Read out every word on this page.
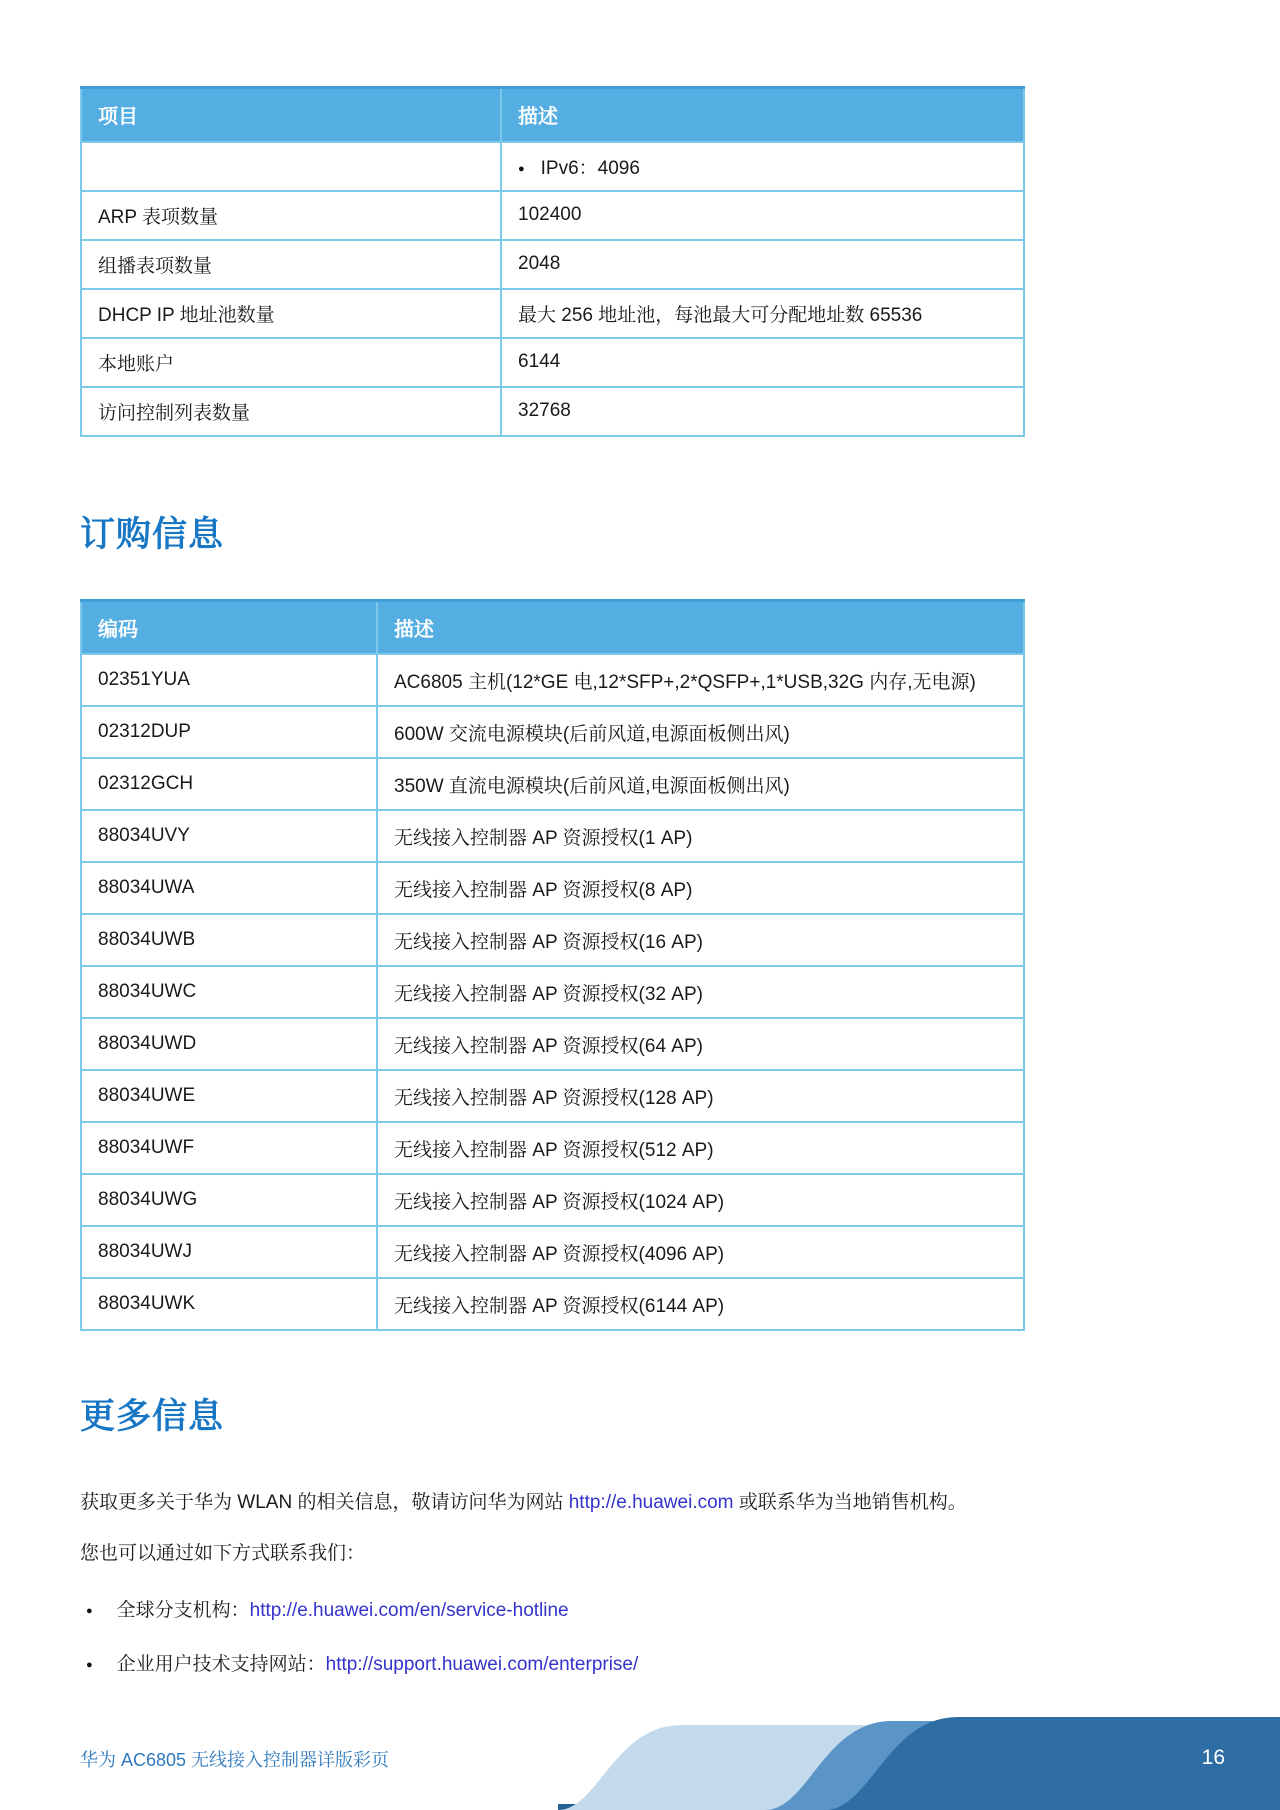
项目	描述
	● IPv6：4096
ARP 表项数量	102400
组播表项数量	2048
DHCP IP 地址池数量	最大 256 地址池，每池最大可分配地址数 65536
本地账户	6144
访问控制列表数量	32768
订购信息
编码	描述
02351YUA	AC6805 主机(12*GE 电,12*SFP+,2*QSFP+,1*USB,32G 内存,无电源)
02312DUP	600W 交流电源模块(后前风道,电源面板侧出风)
02312GCH	350W 直流电源模块(后前风道,电源面板侧出风)
88034UVY	无线接入控制器 AP 资源授权(1 AP)
88034UWA	无线接入控制器 AP 资源授权(8 AP)
88034UWB	无线接入控制器 AP 资源授权(16 AP)
88034UWC	无线接入控制器 AP 资源授权(32 AP)
88034UWD	无线接入控制器 AP 资源授权(64 AP)
88034UWE	无线接入控制器 AP 资源授权(128 AP)
88034UWF	无线接入控制器 AP 资源授权(512 AP)
88034UWG	无线接入控制器 AP 资源授权(1024 AP)
88034UWJ	无线接入控制器 AP 资源授权(4096 AP)
88034UWK	无线接入控制器 AP 资源授权(6144 AP)
更多信息

获取更多关于华为 WLAN 的相关信息，敬请访问华为网站 http://e.huawei.com 或联系华为当地销售机构。

您也可以通过如下方式联系我们：

● 全球分支机构： http://e.huawei.com/en/service-hotline
● 企业用户技术支持网站： http://support.huawei.com/enterprise/
华为 AC6805 无线接入控制器详版彩页	16
